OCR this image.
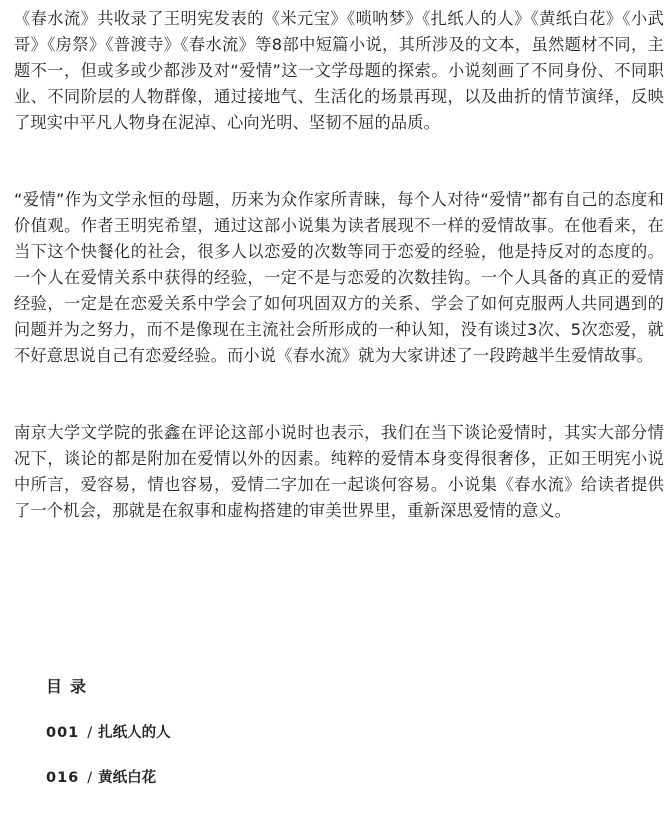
《春水流》共收录了王明宪发表的《米元宝》《唢呐梦》《扎纸人的人》《黄纸白花》《小武哥》《房祭》《普渡寺》《春水流》等8部中短篇小说，其所涉及的文本，虽然题材不同，主题不一，但或多或少都涉及对“爱情”这一文学母题的探索。小说刻画了不同身份、不同职业、不同阶层的人物群像，通过接地气、生活化的场景再现，以及曲折的情节演绎，反映了现实中平凡人物身在泥淖、心向光明、坚韧不屈的品质。

“爱情”作为文学永恒的母题，历来为众作家所青睐，每个人对待“爱情”都有自己的态度和价值观。作者王明宪希望，通过这部小说集为读者展现不一样的爱情故事。在他看来，在当下这个快餐化的社会，很多人以恋爱的次数等同于恋爱的经验，他是持反对的态度的。一个人在爱情关系中获得的经验，一定不是与恋爱的次数挂钩。一个人具备的真正的爱情经验，一定是在恋爱关系中学会了如何巩固双方的关系、学会了如何克服两人共同遇到的问题并为之努力，而不是像现在主流社会所形成的一种认知，没有谈过3次、5次恋爱，就不好意思说自己有恋爱经验。而小说《春水流》就为大家讲述了一段跨越半生爱情故事。

南京大学文学院的张鑫在评论这部小说时也表示，我们在当下谈论爱情时，其实大部分情况下，谈论的都是附加在爱情以外的因素。纯粹的爱情本身变得很奢侈，正如王明宪小说中所言，爱容易，情也容易，爱情二字加在一起谈何容易。小说集《春水流》给读者提供了一个机会，那就是在叙事和虚构搭建的审美世界里，重新深思爱情的意义。

目录
001 / 扎纸人的人
016 / 黄纸白花
